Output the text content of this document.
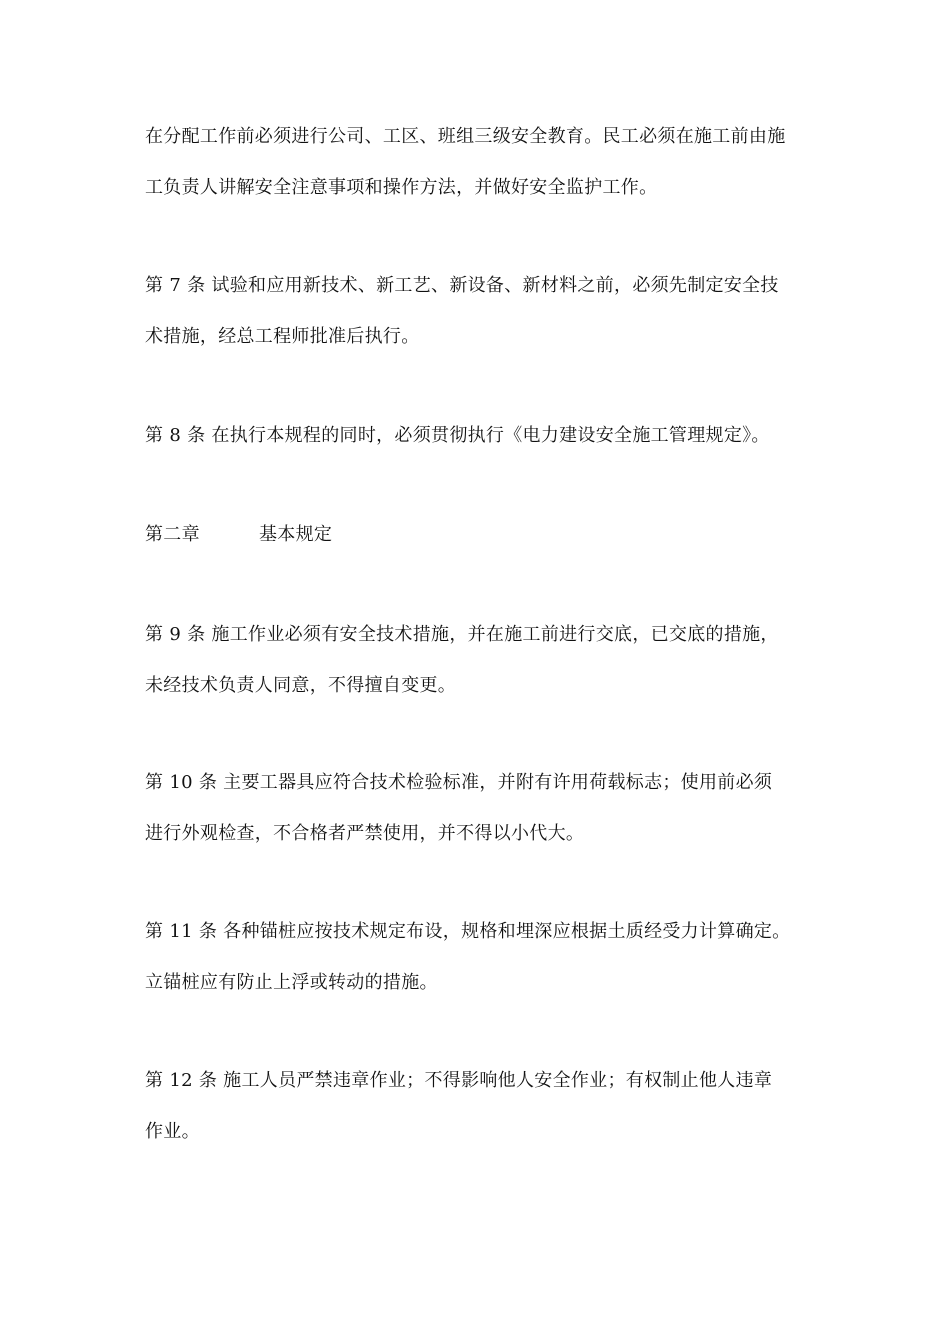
在分配工作前必须进行公司、工区、班组三级安全教育。民工必须在施工前由施
工负责人讲解安全注意事项和操作方法，并做好安全监护工作。

第 7 条 试验和应用新技术、新工艺、新设备、新材料之前，必须先制定安全技
术措施，经总工程师批准后执行。

第 8 条 在执行本规程的同时，必须贯彻执行《电力建设安全施工管理规定》。

第二章	基本规定

第 9 条 施工作业必须有安全技术措施，并在施工前进行交底，已交底的措施，
未经技术负责人同意，不得擅自变更。

第 10 条 主要工器具应符合技术检验标准，并附有许用荷载标志；使用前必须
进行外观检查，不合格者严禁使用，并不得以小代大。

第 11 条 各种锚桩应按技术规定布设，规格和埋深应根据土质经受力计算确定。
立锚桩应有防止上浮或转动的措施。

第 12 条 施工人员严禁违章作业；不得影响他人安全作业；有权制止他人违章
作业。
